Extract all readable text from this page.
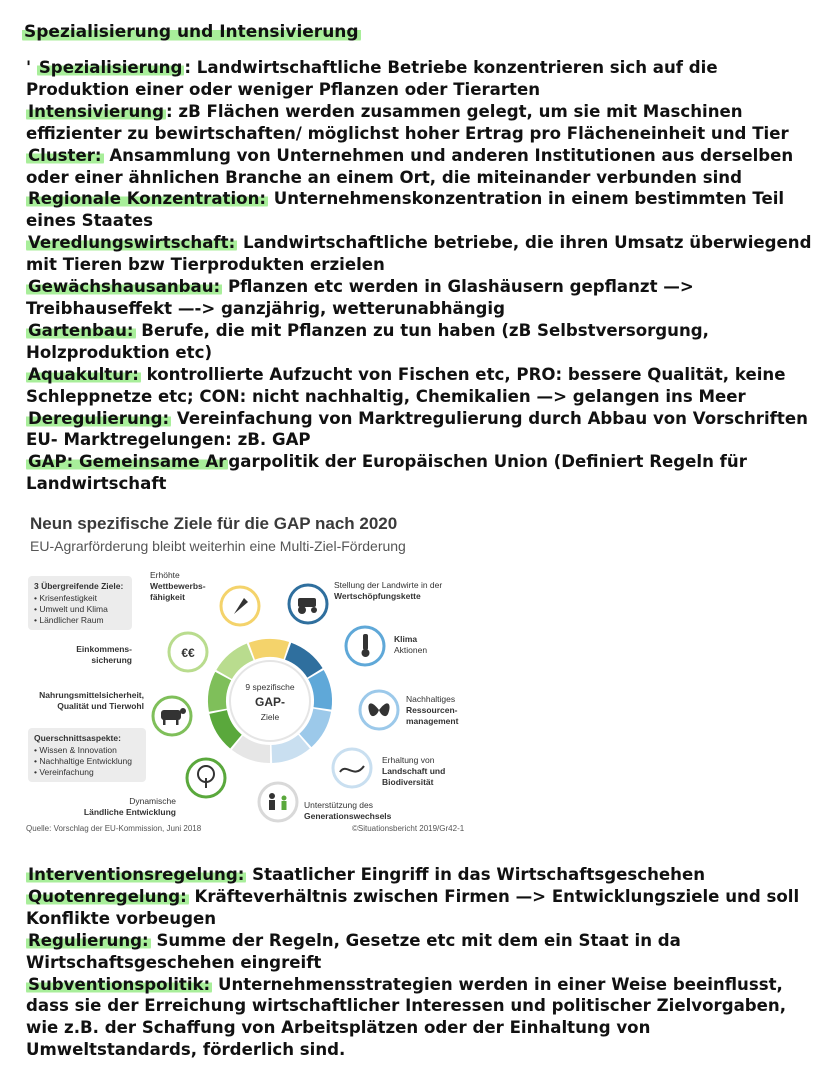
Spezialisierung und Intensivierung

' Spezialisierung : Landwirtschaftliche Betriebe konzentrieren sich auf die Produktion einer oder weniger Pflanzen oder Tierarten

Intensivierung : zB Flächen werden zusammen gelegt, um sie mit Maschinen effizienter zu bewirtschaften/ möglichst hoher Ertrag pro Flächeneinheit und Tier

Cluster: Ansammlung von Unternehmen und anderen Institutionen aus derselben oder einer ähnlichen Branche an einem Ort, die miteinander verbunden sind

Regionale Konzentration: Unternehmenskonzentration in einem bestimmten Teil eines Staates

Veredlungswirtschaft: Landwirtschaftliche betriebe, die ihren Umsatz überwiegend mit Tieren bzw Tierprodukten erzielen

Gewächshausanbau: Pflanzen etc werden in Glashäusern gepflanzt —> Treibhauseffekt —-> ganzjährig, wetterunabhängig

Gartenbau: Berufe, die mit Pflanzen zu tun haben (zB Selbstversorgung, Holzproduktion etc)

Aquakultur: kontrollierte Aufzucht von Fischen etc, PRO: bessere Qualität, keine Schleppnetze etc; CON: nicht nachhaltig, Chemikalien —> gelangen ins Meer

Deregulierung: Vereinfachung von Marktregulierung durch Abbau von Vorschriften EU- Marktregelungen: zB. GAP

GAP: Gemeinsame Ar garpolitik der Europäischen Union (Definiert Regeln für Landwirtschaft

Neun spezifische Ziele für die GAP nach 2020
EU-Agrarförderung bleibt weiterhin eine Multi-Ziel-Förderung
3 Übergreifende Ziele:
• Krisenfestigkeit
• Umwelt und Klima
• Ländlicher Raum
Querschnittsaspekte:
• Wissen & Innovation
• Nachhaltige Entwicklung
• Vereinfachung
9 spezifische
GAP-
Ziele
Erhöhte
Wettbewerbs-
fähigkeit
Stellung der Landwirte in der
Wertschöpfungskette
Klima
Aktionen
Nachhaltiges
Ressourcen-
management
Erhaltung von
Landschaft und
Biodiversität
Unterstützung des
Generationswechsels
Dynamische
Ländliche Entwicklung
Nahrungsmittelsicherheit,
Qualität und Tierwohl
€€
Einkommens-
sicherung
Quelle: Vorschlag der EU-Kommission, Juni 2018	©Situationsbericht 2019/Gr42-1

Interventionsregelung: Staatlicher Eingriff in das Wirtschaftsgeschehen

Quotenregelung: Kräfteverhältnis zwischen Firmen —> Entwicklungsziele und soll Konflikte vorbeugen

Regulierung: Summe der Regeln, Gesetze etc mit dem ein Staat in da Wirtschaftsgeschehen eingreift

Subventionspolitik: Unternehmensstrategien werden in einer Weise beeinflusst, dass sie der Erreichung wirtschaftlicher Interessen und politischer Zielvorgaben, wie z.B. der Schaffung von Arbeitsplätzen oder der Einhaltung von Umweltstandards, förderlich sind.
